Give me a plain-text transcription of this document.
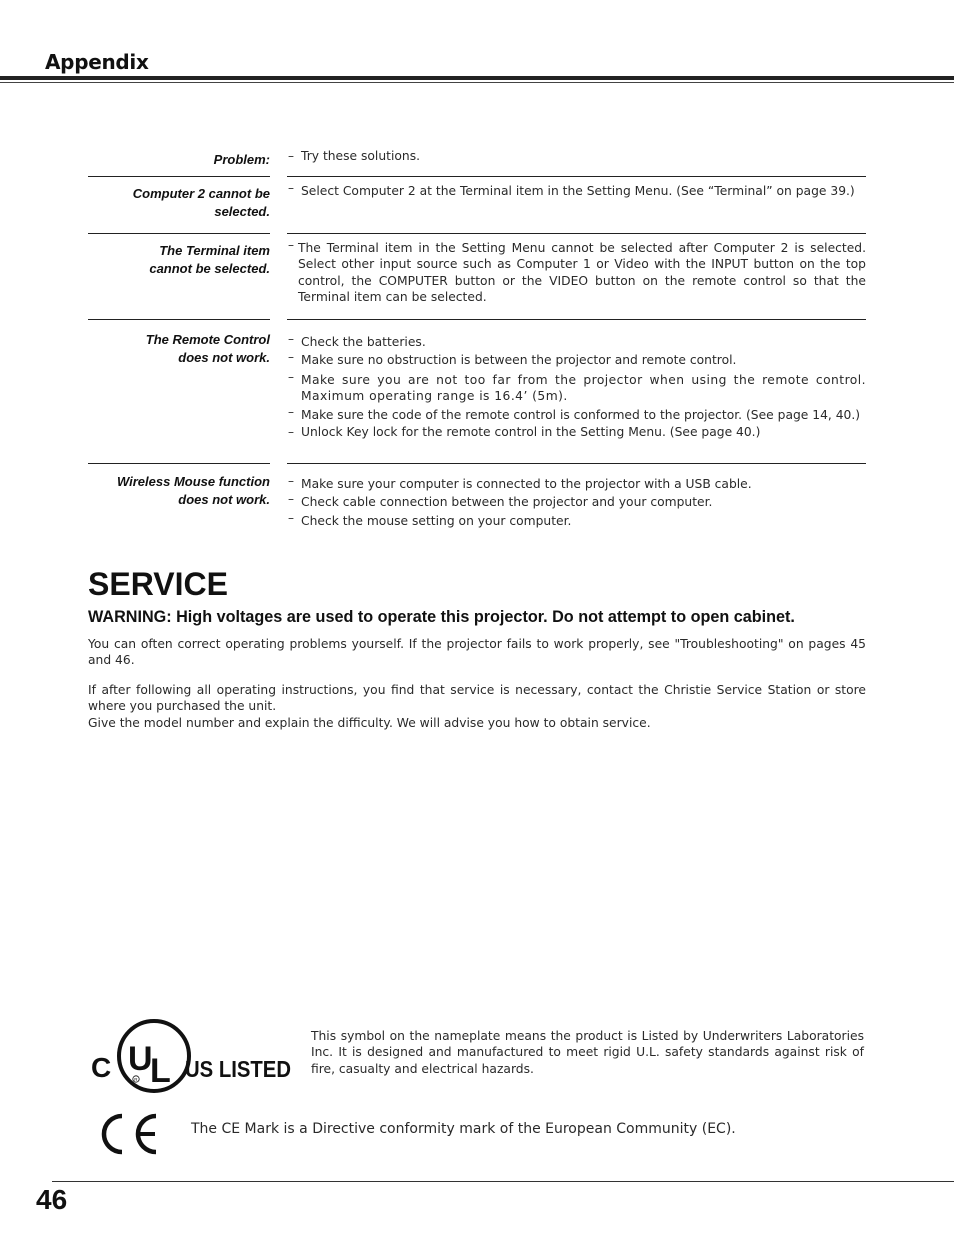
Appendix
Problem: – Try these solutions.
Computer 2 cannot be
selected.
– Select Computer 2 at the Terminal item in the Setting Menu. (See “Terminal” on page 39.)
The Terminal item
cannot be selected.
– The Terminal item in the Setting Menu cannot be selected after Computer 2 is selected. Select other input source such as Computer 1 or Video with the INPUT button on the top control, the COMPUTER button or the VIDEO button on the remote control so that the Terminal item can be selected.
The Remote Control
does not work.
– Check the batteries.
– Make sure no obstruction is between the projector and remote control.
– Make sure you are not too far from the projector when using the remote control. Maximum operating range is 16.4’ (5m).
– Make sure the code of the remote control is conformed to the projector. (See page 14, 40.)
– Unlock Key lock for the remote control in the Setting Menu. (See page 40.)
Wireless Mouse function
does not work.
– Make sure your computer is connected to the projector with a USB cable.
– Check cable connection between the projector and your computer.
– Check the mouse setting on your computer.
SERVICE
WARNING: High voltages are used to operate this projector. Do not attempt to open cabinet.
You can often correct operating problems yourself. If the projector fails to work properly, see "Troubleshooting" on pages 45 and 46.
If after following all operating instructions, you find that service is necessary, contact the Christie Service Station or store where you purchased the unit.
Give the model number and explain the difficulty. We will advise you how to obtain service.
C U
L
R US LISTED
This symbol on the nameplate means the product is Listed by Underwriters Laboratories Inc. It is designed and manufactured to meet rigid U.L. safety standards against risk of fire, casualty and electrical hazards.
The CE Mark is a Directive conformity mark of the European Community (EC).
46
